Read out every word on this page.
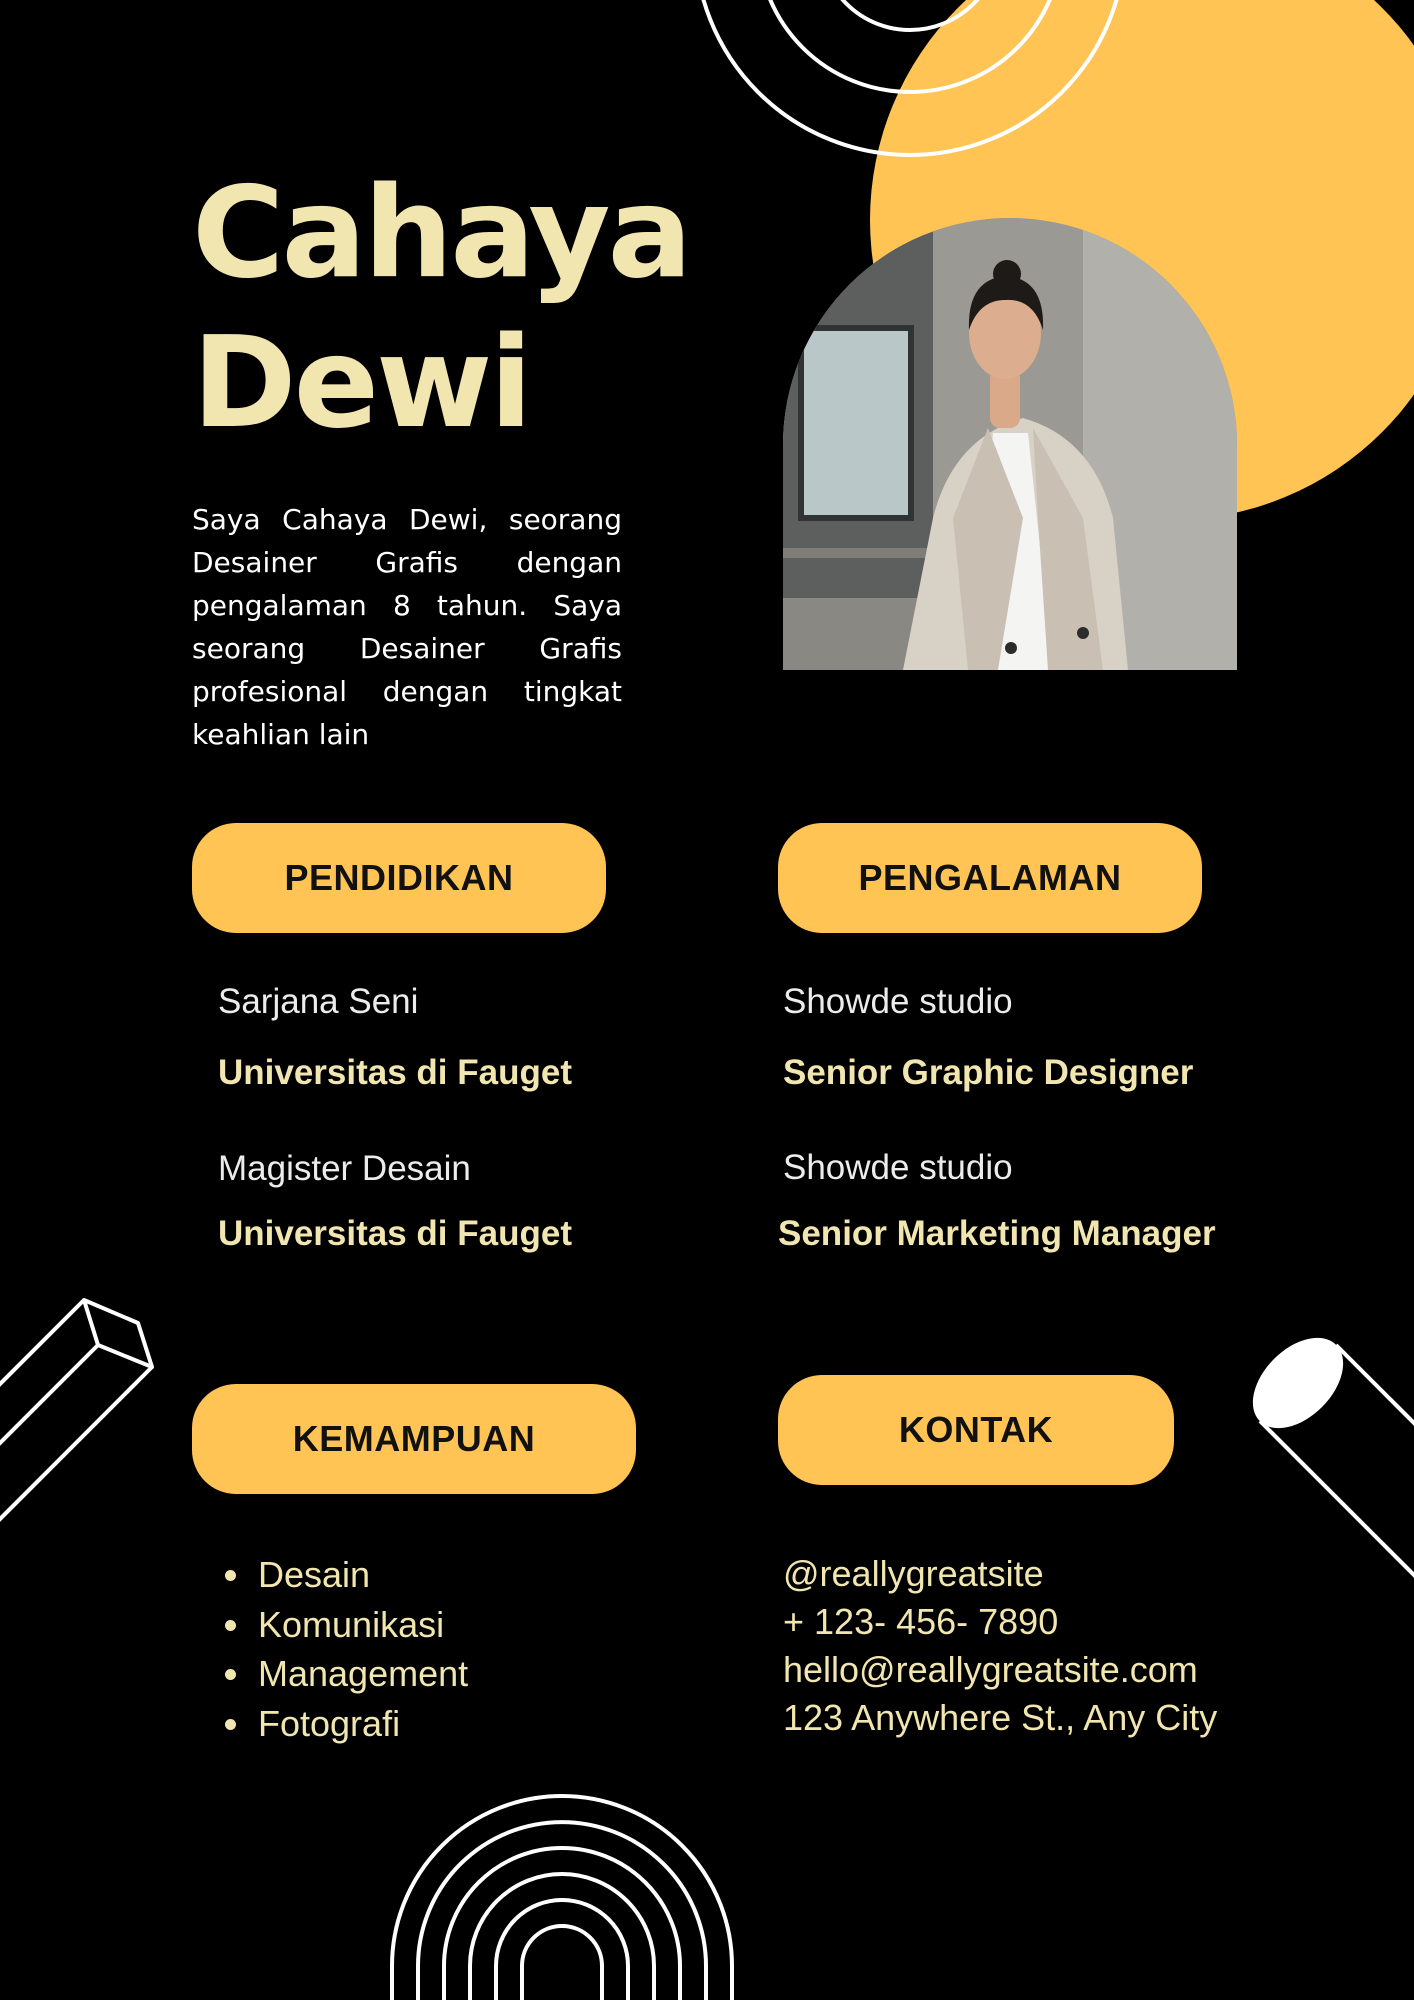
Cahaya
Dewi

Saya Cahaya Dewi, seorang Desainer Grafis dengan pengalaman 8 tahun. Saya seorang Desainer Grafis profesional dengan tingkat keahlian lain

PENDIDIKAN	PENGALAMAN
KEMAMPUAN	KONTAK

Sarjana Seni

Universitas di Fauget

Magister Desain

Universitas di Fauget

Showde studio

Senior Graphic Designer

Showde studio

Senior Marketing Manager

• Desain
• Komunikasi
• Management
• Fotografi
@reallygreatsite
+ 123- 456- 7890
hello@reallygreatsite.com
123 Anywhere St., Any City
